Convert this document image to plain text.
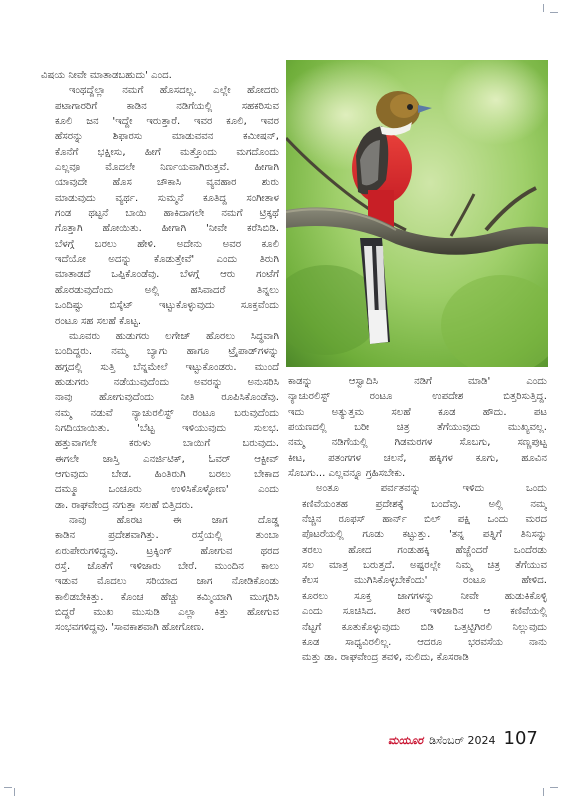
ವಿಷಯ ನೀವೇ ಮಾತಾಡಬಹುದು' ಎಂದ.

ಇಂಥದ್ದೆಲ್ಲಾ ನಮಗೆ ಹೊಸದಲ್ಲ. ಎಲ್ಲೇ ಹೋದರು
ಪಟಾಗಾರರಿಗೆ ಕಾಡಿನ ನಡಿಗೆಯಲ್ಲಿ ಸಹಕರಿಸುವ
ಕೂಲಿ ಜನ 'ಇದ್ದೇ ಇರುತ್ತಾರೆ. ಇವರ ಕೂಲಿ, ಇವರ
ಹೆಸರನ್ನು ಶಿಫಾರಸು ಮಾಡುವವನ ಕಮೀಷನ್,
ಕೊನೆಗೆ ಭಕ್ಷೀಸು, ಹೀಗೆ ಮತ್ತೊಂದು ಮಗದೊಂದು
ಎಲ್ಲವೂ ಮೊದಲೇ ನಿರ್ಣಯವಾಗಿರುತ್ತವೆ. ಹೀಗಾಗಿ
ಯಾವುದೇ ಹೊಸ ಚೌಕಾಸಿ ವ್ಯವಹಾರ ಶುರು
ಮಾಡುವುದು ವ್ಯರ್ಥ. ಸುಮ್ಮನೆ ಕೂತಿದ್ದ ಸಂಗೀತಾಳ
ಗಂಡ ಥಟ್ಟನೆ ಬಾಯಿ ಹಾಕಿದಾಗಲೇ ನಮಗೆ ಟ್ರಿಕ್ಕಥೆ
ಗೊತ್ತಾಗಿ ಹೋಯಿತು. ಹೀಗಾಗಿ 'ನೀವೇ ಕರೆಸಿಬಿಡಿ.
ಬೆಳಗ್ಗೆ ಬರಲು ಹೇಳಿ. ಅದೇನು ಅವರ ಕೂಲಿ
ಇದೆಯೋ ಅದನ್ನು ಕೊಡುತ್ತೇವೆ' ಎಂದು ತಿರುಗಿ
ಮಾತಾಡದೆ ಒಪ್ಪಿಕೊಂಡೆವು. ಬೆಳಗ್ಗೆ ಆರು ಗಂಟೆಗೆ
ಹೊರಡುವುದೆಂದು ಅಲ್ಲಿ ಹಸಿವಾದರೆ ತಿನ್ನಲು
ಒಂದಿಷ್ಟು ಬಿಸ್ಕೆಟ್ ಇಟ್ಟುಕೊಳ್ಳುವುದು ಸೂಕ್ತವೆಂದು
ರಂಟೂ ಸಹ ಸಲಹೆ ಕೊಟ್ಟ.

ಮೂವರು ಹುಡುಗರು ಲಗೇಜ್ ಹೊರಲು ಸಿದ್ಧವಾಗಿ
ಬಂದಿದ್ದರು. ನಮ್ಮ ಬ್ಯಾಗು ಹಾಗೂ ಟ್ರೈಪಾಡ್‌ಗಳನ್ನು
ಹಗ್ಗದಲ್ಲಿ ಸುತ್ತಿ ಬೆನ್ನಮೇಲೆ ಇಟ್ಟುಕೊಂಡರು. ಮುಂದೆ
ಹುಡುಗರು ನಡೆಯುವುದೆಂದು ಅವರನ್ನು ಅನುಸರಿಸಿ
ನಾವು ಹೋಗುವುದೆಂದು ನೀತಿ ರೂಪಿಸಿಕೊಂಡೆವು.
ನಮ್ಮ ನಡುವೆ ನ್ಯಾಚುರಲಿಸ್ಟ್ ರಂಟೂ ಬರುವುದೆಂದು
ನಿಗದಿಯಾಯಿತು. 'ಬೆಟ್ಟ ಇಳಿಯುವುದು ಸುಲಭ.
ಹತ್ತುವಾಗಲೇ ಕರುಳು ಬಾಯಿಗೆ ಬರುವುದು.
ಈಗಲೇ ಜಾಸ್ತಿ ಎನರ್ಜಿಟಿಕ್, ಓವರ್ ಆಕ್ಟೀವ್
ಆಗುವುದು ಬೇಡ. ಹಿಂತಿರುಗಿ ಬರಲು ಬೇಕಾದ
ದಮ್ಮೂ ಒಂಚೂರು ಉಳಿಸಿಕೊಳ್ಳೋಣ' ಎಂದು
ಡಾ. ರಾಘವೇಂದ್ರ ನಗುತ್ತಾ ಸಲಹೆ ಬಿತ್ತಿದರು.

ನಾವು ಹೊರಟ ಈ ಜಾಗ ದೊಡ್ಡ
ಕಾಡಿನ ಪ್ರದೇಶವಾಗಿತ್ತು. ರಸ್ತೆಯಲ್ಲಿ ತುಂಬಾ
ಏರುಪೇರುಗಳಿದ್ದವು. ಟ್ರಕ್ಕಿಂಗ್ ಹೋಗುವ ಥರದ
ರಸ್ತೆ. ಜೊತೆಗೆ ಇಳಿಜಾರು ಬೇರೆ. ಮುಂದಿನ ಕಾಲು
ಇಡುವ ಮೊದಲು ಸರಿಯಾದ ಜಾಗ ನೋಡಿಕೊಂಡು
ಕಾಲಿಡಬೇಕಿತ್ತು. ಕೊಂಚ ಹೆಚ್ಚು ಕಮ್ಮಿಯಾಗಿ ಮುಗ್ಗರಿಸಿ
ಬಿದ್ದರೆ ಮುಖ ಮುಸುಡಿ ಎಲ್ಲಾ ಕಿತ್ತು ಹೋಗುವ
ಸಂಭವಗಳಿದ್ದವು. 'ಸಾವಕಾಶವಾಗಿ ಹೋಗೋಣ.

ಕಾಡನ್ನು ಆಸ್ವಾದಿಸಿ ನಡಿಗೆ ಮಾಡಿ' ಎಂದು
ನ್ಯಾಚುರಲಿಸ್ಟ್ ರಂಟೂ ಉಪದೇಶ ಬಿತ್ತರಿಸುತ್ತಿದ್ದ.
ಇದು ಅತ್ಯುತ್ತಮ ಸಲಹೆ ಕೂಡ ಹೌದು. ಪಟ
ಪಯಣದಲ್ಲಿ ಬರೀ ಚಿತ್ರ ತೆಗೆಯುವುದು ಮುಖ್ಯವಲ್ಲ.
ನಮ್ಮ ನಡಿಗೆಯಲ್ಲಿ ಗಿಡಮರಗಳ ಸೊಬಗು, ಸಣ್ಣಪುಟ್ಟ
ಕೀಟ, ಪತಂಗಗಳ ಚಲನೆ, ಹಕ್ಕಿಗಳ ಕೂಗು, ಹೂವಿನ
ಸೊಬಗು... ಎಲ್ಲವನ್ನೂ ಗ್ರಹಿಸಬೇಕು.

ಅಂತೂ ಪರ್ವತವನ್ನು ಇಳಿದು ಒಂದು
ಕಣಿವೆಯಂತಹ ಪ್ರದೇಶಕ್ಕೆ ಬಂದೆವು. ಅಲ್ಲಿ ನಮ್ಮ
ನೆಚ್ಚಿನ ರೂಫಸ್ ಹಾರ್ನ್ ಬಿಲ್ ಪಕ್ಷಿ ಒಂದು ಮರದ
ಪೊಟರೆಯಲ್ಲಿ ಗೂಡು ಕಟ್ಟುತ್ತು. 'ತನ್ನ ಪತ್ನಿಗೆ ತಿನಿಸನ್ನು
ತರಲು ಹೋದ ಗಂಡುಹಕ್ಕಿ ಹೆಚ್ಚೆಂದರೆ ಒಂದೆರಡು
ಸಲ ಮಾತ್ರ ಬರುತ್ತದೆ. ಅಷ್ಟರಲ್ಲೇ ನಿಮ್ಮ ಚಿತ್ರ ತೆಗೆಯುವ
ಕೆಲಸ ಮುಗಿಸಿಕೊಳ್ಳಬೇಕೆಂದು' ರಂಟೂ ಹೇಳಿದ.
ಕೂರಲು ಸೂಕ್ತ ಜಾಗಗಳನ್ನು ನೀವೇ ಹುಡುಕಿಕೊಳ್ಳಿ
ಎಂದು ಸೂಚಿಸಿದ. ತೀರ ಇಳಿಜಾರಿನ ಆ ಕಣಿವೆಯಲ್ಲಿ
ನೆಟ್ಟಗೆ ಕೂತುಕೊಳ್ಳುವುದು ಬಿಡಿ ಒತ್ತಟ್ಟಿಗಿರಲಿ ನಿಲ್ಲುವುದು
ಕೂಡ ಸಾಧ್ಯವಿರಲಿಲ್ಲ. ಆದರೂ ಭರವಸೆಯ ನಾನು
ಮತ್ತು ಡಾ. ರಾಘವೇಂದ್ರ ತವಳಿ, ನುಲಿದು, ಕೊಸರಾಡಿ

ಮಯೂರ ಡಿಸೆಂಬರ್ 2024 107
